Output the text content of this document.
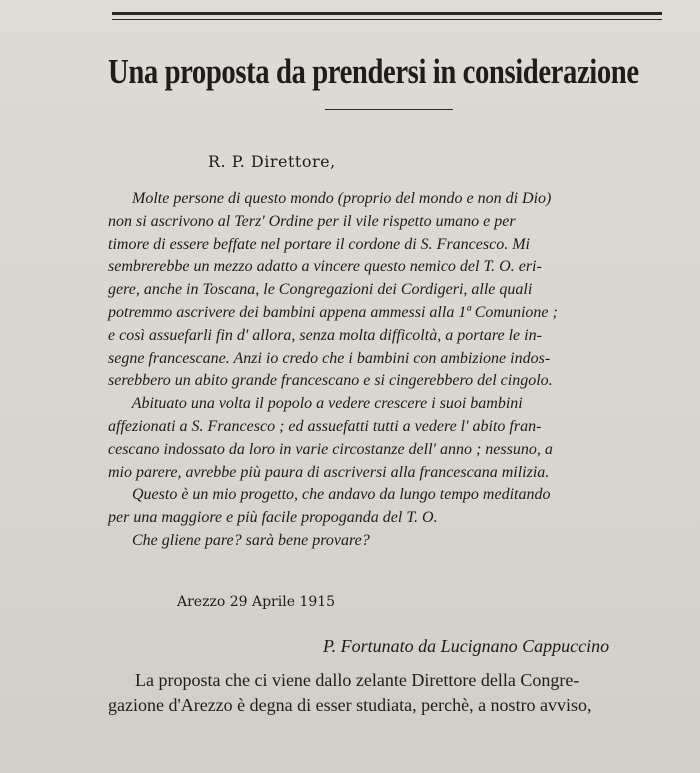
Una proposta da prendersi in considerazione
R. P. Direttore,
Molte persone di questo mondo (proprio del mondo e non di Dio)
non si ascrivono al Terz' Ordine per il vile rispetto umano e per
timore di essere beffate nel portare il cordone di S. Francesco. Mi
sembrerebbe un mezzo adatto a vincere questo nemico del T. O. eri-
gere, anche in Toscana, le Congregazioni dei Cordigeri, alle quali
potremmo ascrivere dei bambini appena ammessi alla 1ª Comunione ;
e così assuefarli fin d' allora, senza molta difficoltà, a portare le in-
segne francescane. Anzi io credo che i bambini con ambizione indos-
serebbero un abito grande francescano e si cingerebbero del cingolo.
Abituato una volta il popolo a vedere crescere i suoi bambini
affezionati a S. Francesco ; ed assuefatti tutti a vedere l' abito fran-
cescano indossato da loro in varie circostanze dell' anno ; nessuno, a
mio parere, avrebbe più paura di ascriversi alla francescana milizia.
Questo è un mio progetto, che andavo da lungo tempo meditando
per una maggiore e più facile propoganda del T. O.
Che gliene pare? sarà bene provare?
Arezzo 29 Aprile 1915
P. Fortunato da Lucignano Cappuccino
La proposta che ci viene dallo zelante Direttore della Congre-
gazione d'Arezzo è degna di esser studiata, perchè, a nostro avviso,
